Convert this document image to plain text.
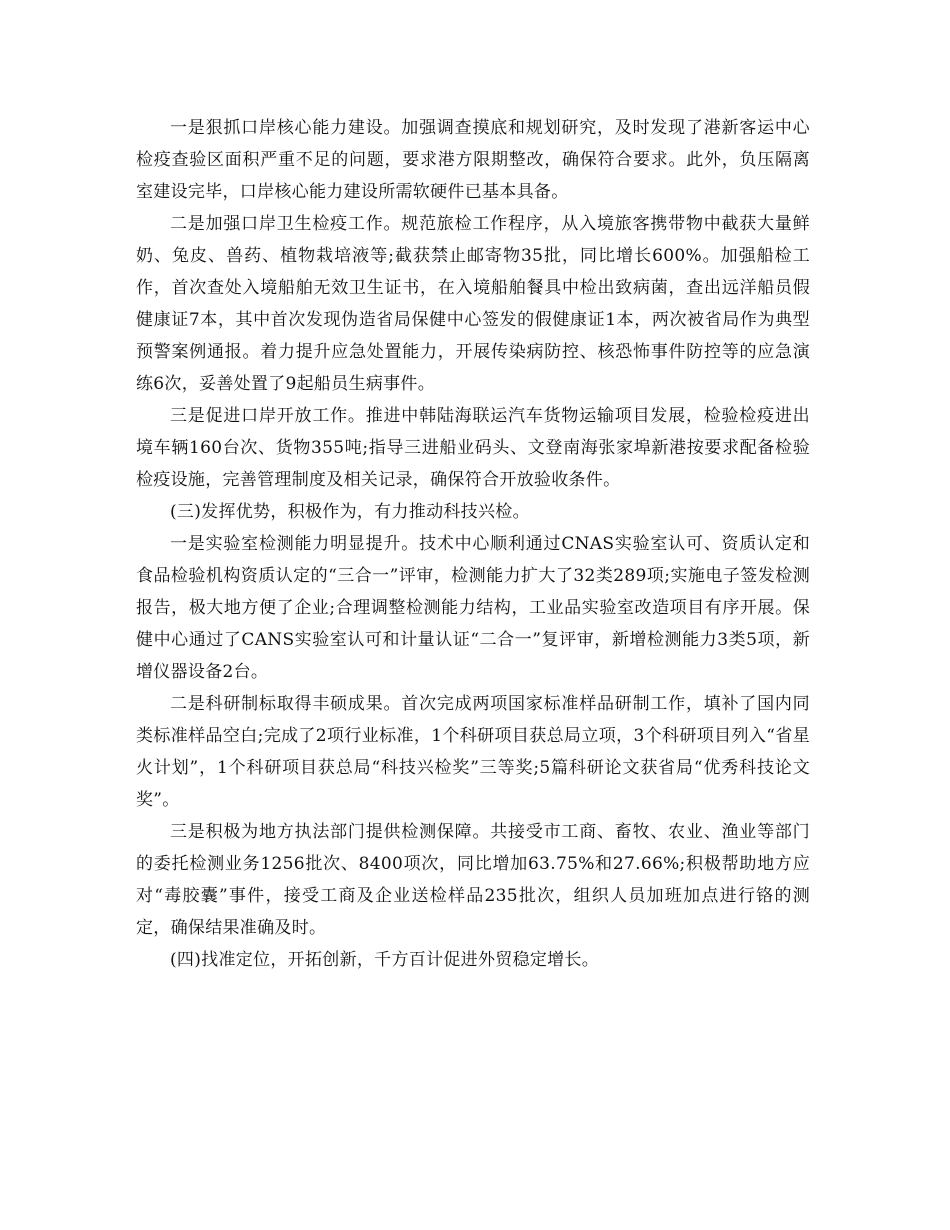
一是狠抓口岸核心能力建设。加强调查摸底和规划研究，及时发现了港新客运中心检疫查验区面积严重不足的问题，要求港方限期整改，确保符合要求。此外，负压隔离室建设完毕，口岸核心能力建设所需软硬件已基本具备。

二是加强口岸卫生检疫工作。规范旅检工作程序，从入境旅客携带物中截获大量鲜奶、兔皮、兽药、植物栽培液等;截获禁止邮寄物35批，同比增长600%。加强船检工作，首次查处入境船舶无效卫生证书，在入境船舶餐具中检出致病菌，查出远洋船员假健康证7本，其中首次发现伪造省局保健中心签发的假健康证1本，两次被省局作为典型预警案例通报。着力提升应急处置能力，开展传染病防控、核恐怖事件防控等的应急演练6次，妥善处置了9起船员生病事件。

三是促进口岸开放工作。推进中韩陆海联运汽车货物运输项目发展，检验检疫进出境车辆160台次、货物355吨;指导三进船业码头、文登南海张家埠新港按要求配备检验检疫设施，完善管理制度及相关记录，确保符合开放验收条件。

(三)发挥优势，积极作为，有力推动科技兴检。

一是实验室检测能力明显提升。技术中心顺利通过CNAS实验室认可、资质认定和食品检验机构资质认定的“三合一”评审，检测能力扩大了32类289项;实施电子签发检测报告，极大地方便了企业;合理调整检测能力结构，工业品实验室改造项目有序开展。保健中心通过了CANS实验室认可和计量认证“二合一”复评审，新增检测能力3类5项，新增仪器设备2台。

二是科研制标取得丰硕成果。首次完成两项国家标准样品研制工作，填补了国内同类标准样品空白;完成了2项行业标准，1个科研项目获总局立项，3个科研项目列入“省星火计划”，1个科研项目获总局“科技兴检奖”三等奖;5篇科研论文获省局“优秀科技论文奖”。

三是积极为地方执法部门提供检测保障。共接受市工商、畜牧、农业、渔业等部门的委托检测业务1256批次、8400项次，同比增加63.75%和27.66%;积极帮助地方应对“毒胶囊”事件，接受工商及企业送检样品235批次，组织人员加班加点进行铬的测定，确保结果准确及时。

(四)找准定位，开拓创新，千方百计促进外贸稳定增长。
